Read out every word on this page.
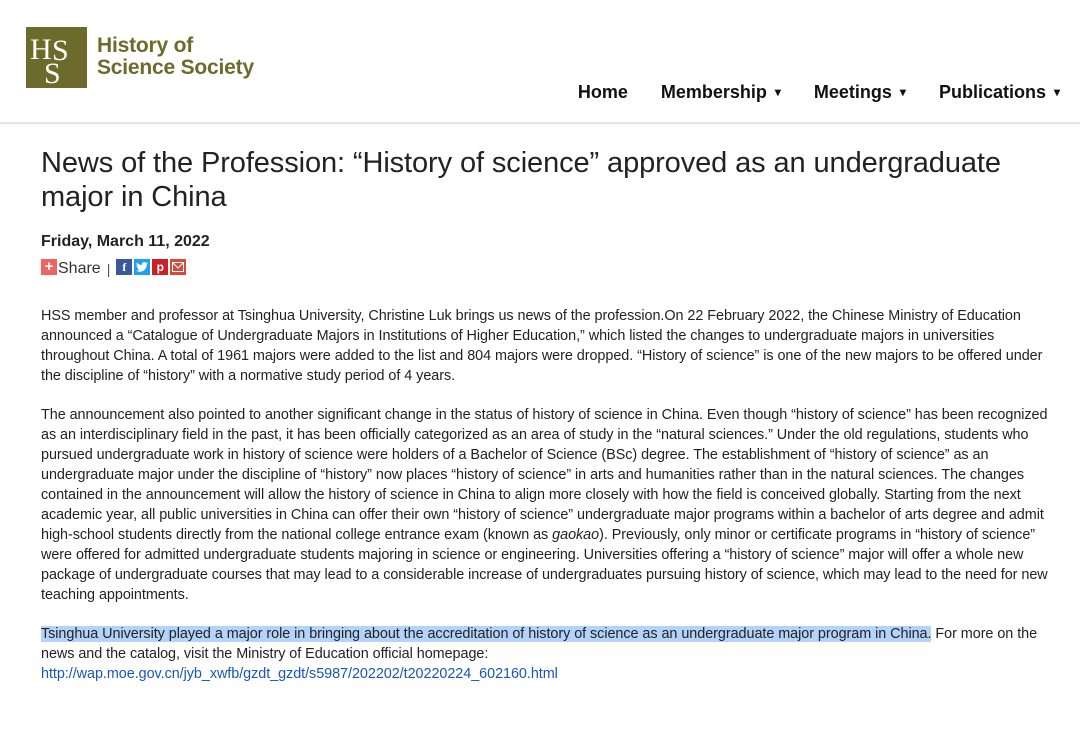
H S
S
History of
Science Society
Home Membership ▾ Meetings ▾ Publications ▾
News of the Profession: “History of science” approved as an undergraduate major in China
Friday, March 11, 2022
+ Share |	f	p

HSS member and professor at Tsinghua University, Christine Luk brings us news of the profession.On 22 February 2022, the Chinese Ministry of Education announced a “Catalogue of Undergraduate Majors in Institutions of Higher Education,” which listed the changes to undergraduate majors in universities throughout China. A total of 1961 majors were added to the list and 804 majors were dropped. “History of science” is one of the new majors to be offered under the discipline of “history” with a normative study period of 4 years.

The announcement also pointed to another significant change in the status of history of science in China. Even though “history of science” has been recognized as an interdisciplinary field in the past, it has been officially categorized as an area of study in the “natural sciences.” Under the old regulations, students who pursued undergraduate work in history of science were holders of a Bachelor of Science (BSc) degree. The establishment of “history of science” as an undergraduate major under the discipline of “history” now places “history of science” in arts and humanities rather than in the natural sciences. The changes contained in the announcement will allow the history of science in China to align more closely with how the field is conceived globally. Starting from the next academic year, all public universities in China can offer their own “history of science” undergraduate major programs within a bachelor of arts degree and admit high-school students directly from the national college entrance exam (known as gaokao). Previously, only minor or certificate programs in “history of science” were offered for admitted undergraduate students majoring in science or engineering. Universities offering a “history of science” major will offer a whole new package of undergraduate courses that may lead to a considerable increase of undergraduates pursuing history of science, which may lead to the need for new teaching appointments.

Tsinghua University played a major role in bringing about the accreditation of history of science as an undergraduate major program in China. For more on the news and the catalog, visit the Ministry of Education official homepage:
http://wap.moe.gov.cn/jyb_xwfb/gzdt_gzdt/s5987/202202/t20220224_602160.html
